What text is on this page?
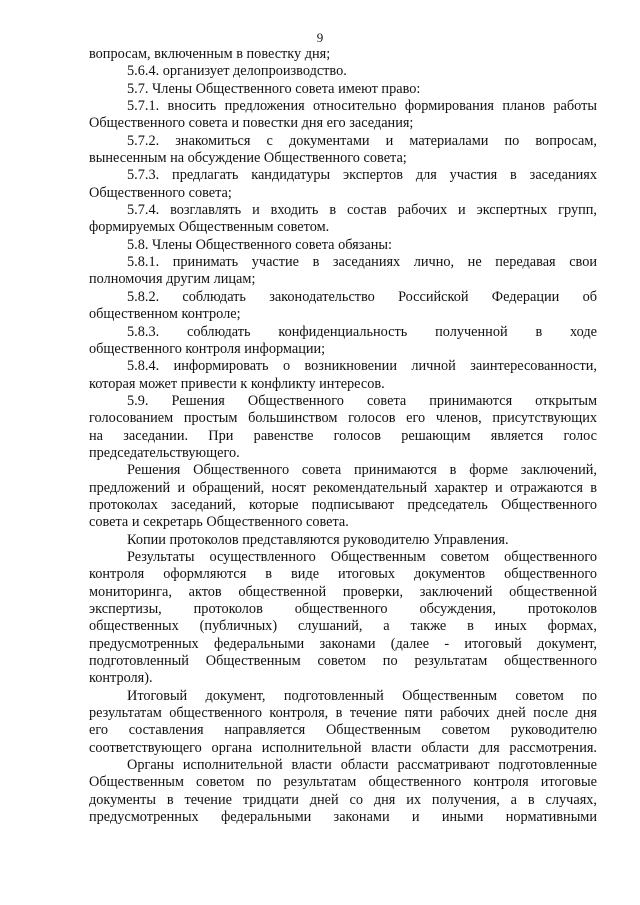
9
вопросам, включенным в повестку дня;
5.6.4. организует делопроизводство.
5.7. Члены Общественного совета имеют право:
5.7.1. вносить предложения относительно формирования планов работы
Общественного совета и повестки дня его заседания;
5.7.2. знакомиться с документами и материалами по вопросам,
вынесенным на обсуждение Общественного совета;
5.7.3. предлагать кандидатуры экспертов для участия в заседаниях
Общественного совета;
5.7.4. возглавлять и входить в состав рабочих и экспертных групп,
формируемых Общественным советом.
5.8. Члены Общественного совета обязаны:
5.8.1. принимать участие в заседаниях лично, не передавая свои
полномочия другим лицам;
5.8.2. соблюдать законодательство Российской Федерации об
общественном контроле;
5.8.3. соблюдать конфиденциальность полученной в ходе
общественного контроля информации;
5.8.4. информировать о возникновении личной заинтересованности,
которая может привести к конфликту интересов.
5.9. Решения Общественного совета принимаются открытым
голосованием простым большинством голосов его членов, присутствующих
на заседании. При равенстве голосов решающим является голос
председательствующего.
Решения Общественного совета принимаются в форме заключений,
предложений и обращений, носят рекомендательный характер и отражаются в
протоколах заседаний, которые подписывают председатель Общественного
совета и секретарь Общественного совета.
Копии протоколов представляются руководителю Управления.
Результаты осуществленного Общественным советом общественного
контроля оформляются в виде итоговых документов общественного
мониторинга, актов общественной проверки, заключений общественной
экспертизы, протоколов общественного обсуждения, протоколов
общественных (публичных) слушаний, а также в иных формах,
предусмотренных федеральными законами (далее - итоговый документ,
подготовленный Общественным советом по результатам общественного
контроля).
Итоговый документ, подготовленный Общественным советом по
результатам общественного контроля, в течение пяти рабочих дней после дня
его составления направляется Общественным советом руководителю
соответствующего органа исполнительной власти области для рассмотрения.
Органы исполнительной власти области рассматривают подготовленные
Общественным советом по результатам общественного контроля итоговые
документы в течение тридцати дней со дня их получения, а в случаях,
предусмотренных федеральными законами и иными нормативными
